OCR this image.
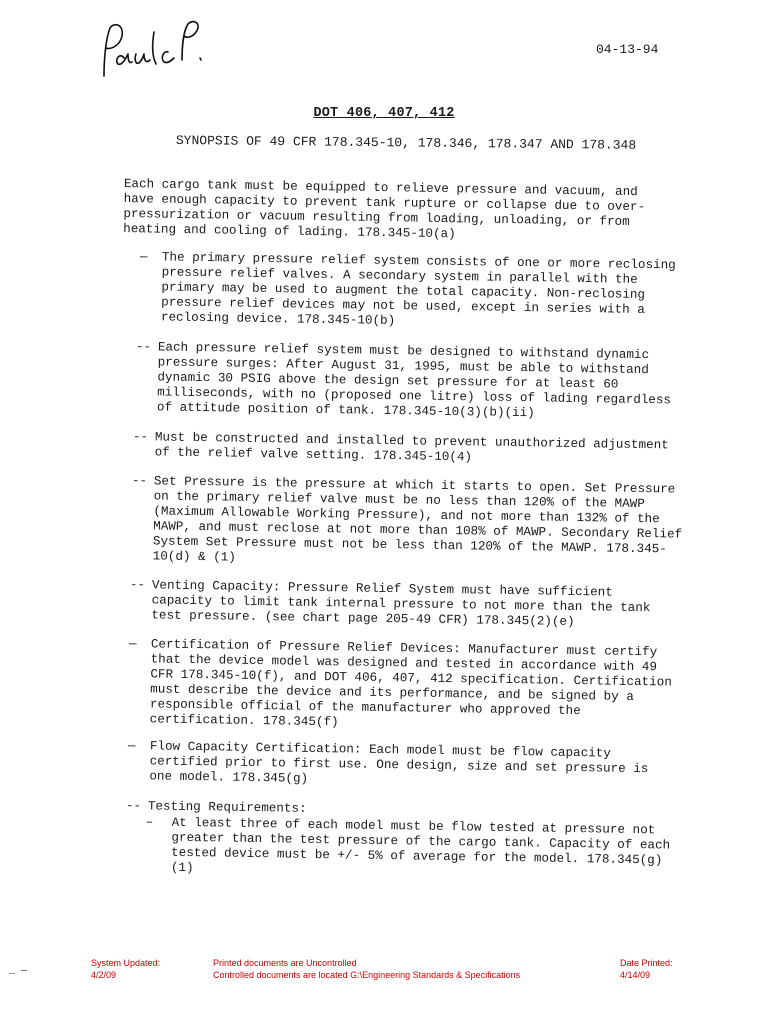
04-13-94

DOT 406, 407, 412

SYNOPSIS OF 49 CFR 178.345-10, 178.346, 178.347 AND 178.348

Each cargo tank must be equipped to relieve pressure and vacuum, and have enough capacity to prevent tank rupture or collapse due to over-pressurization or vacuum resulting from loading, unloading, or from heating and cooling of lading. 178.345-10(a)
—	The primary pressure relief system consists of one or more reclosing pressure relief valves. A secondary system in parallel with the primary may be used to augment the total capacity. Non-reclosing pressure relief devices may not be used, except in series with a reclosing device. 178.345-10(b)
-- Each pressure relief system must be designed to withstand dynamic pressure surges: After August 31, 1995, must be able to withstand dynamic 30 PSIG above the design set pressure for at least 60 milliseconds, with no (proposed one litre) loss of lading regardless of attitude position of tank. 178.345-10(3)(b)(ii)
-- Must be constructed and installed to prevent unauthorized adjustment of the relief valve setting. 178.345-10(4)
-- Set Pressure is the pressure at which it starts to open. Set Pressure on the primary relief valve must be no less than 120% of the MAWP (Maximum Allowable Working Pressure), and not more than 132% of the MAWP, and must reclose at not more than 108% of MAWP. Secondary Relief System Set Pressure must not be less than 120% of the MAWP. 178.345-10(d) & (1)
-- Venting Capacity: Pressure Relief System must have sufficient capacity to limit tank internal pressure to not more than the tank test pressure. (see chart page 205-49 CFR) 178.345(2)(e)
—	Certification of Pressure Relief Devices: Manufacturer must certify that the device model was designed and tested in accordance with 49 CFR 178.345-10(f), and DOT 406, 407, 412 specification. Certification must describe the device and its performance, and be signed by a responsible official of the manufacturer who approved the certification. 178.345(f)
—	Flow Capacity Certification: Each model must be flow capacity certified prior to first use. One design, size and set pressure is one model. 178.345(g)
-- Testing Requirements:
–	At least three of each model must be flow tested at pressure not greater than the test pressure of the cargo tank. Capacity of each tested device must be +/- 5% of average for the model. 178.345(g)(1)

_ —

System Updated:
4/2/09
Printed documents are Uncontrolled
Controlled documents are located G:\Engineering Standards & Specifications
Date Printed:
4/14/09
